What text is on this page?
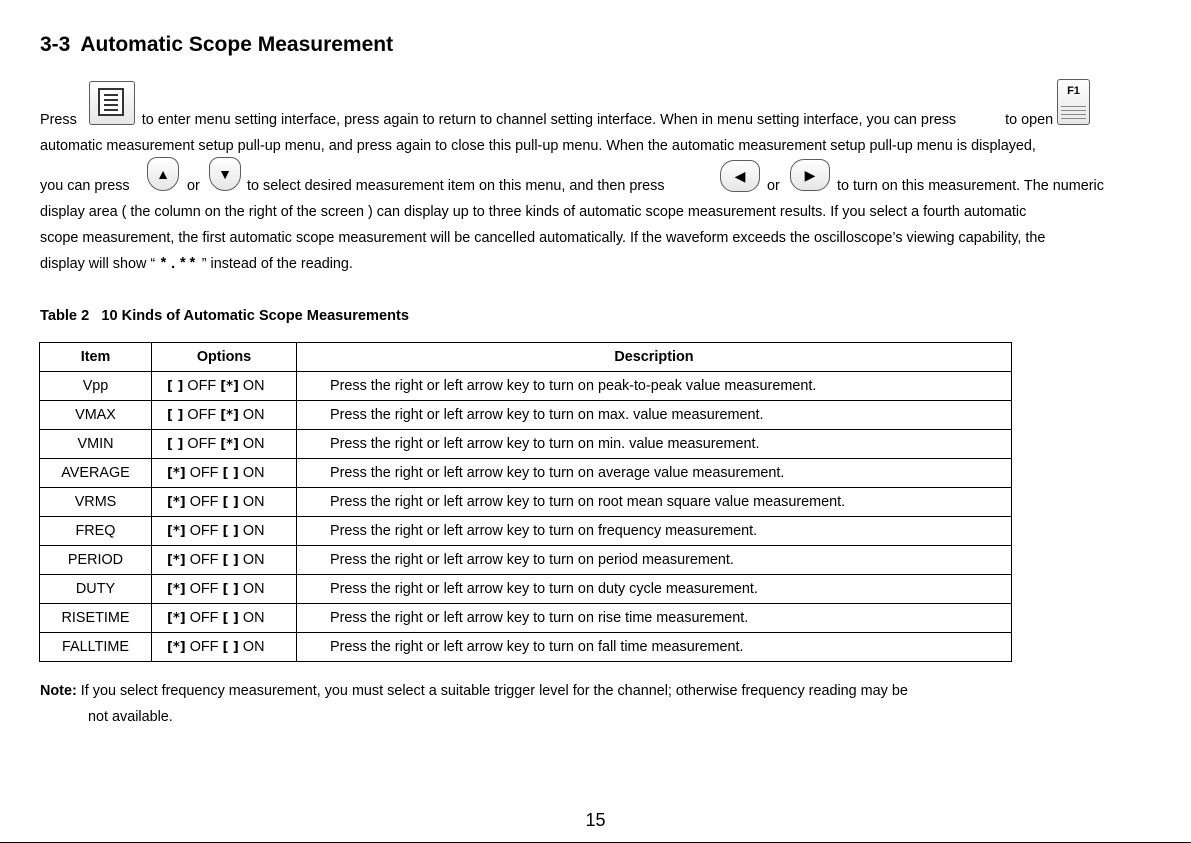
3-3 Automatic Scope Measurement
F1
Press	to enter menu setting interface, press again to return to channel setting interface. When in menu setting interface, you can press	to open
automatic measurement setup pull-up menu, and press again to close this pull-up menu. When the automatic measurement setup pull-up menu is displayed,
you can press
▲
or
▼
to select desired measurement item on this menu, and then press
◀
or
▶
to turn on this measurement. The numeric
display area ( the column on the right of the screen ) can display up to three kinds of automatic scope measurement results. If you select a fourth automatic
scope measurement, the first automatic scope measurement will be cancelled automatically. If the waveform exceeds the oscilloscope’s viewing capability, the
display will show “ *.** ” instead of the reading.
Table 2   10 Kinds of Automatic Scope Measurements
Item	Options	Description
Vpp	[ ] OFF [*] ON	Press the right or left arrow key to turn on peak-to-peak value measurement.
VMAX	[ ] OFF [*] ON	Press the right or left arrow key to turn on max. value measurement.
VMIN	[ ] OFF [*] ON	Press the right or left arrow key to turn on min. value measurement.
AVERAGE	[*] OFF [ ] ON	Press the right or left arrow key to turn on average value measurement.
VRMS	[*] OFF [ ] ON	Press the right or left arrow key to turn on root mean square value measurement.
FREQ	[*] OFF [ ] ON	Press the right or left arrow key to turn on frequency measurement.
PERIOD	[*] OFF [ ] ON	Press the right or left arrow key to turn on period measurement.
DUTY	[*] OFF [ ] ON	Press the right or left arrow key to turn on duty cycle measurement.
RISETIME	[*] OFF [ ] ON	Press the right or left arrow key to turn on rise time measurement.
FALLTIME	[*] OFF [ ] ON	Press the right or left arrow key to turn on fall time measurement.
Note: If you select frequency measurement, you must select a suitable trigger level for the channel; otherwise frequency reading may be
not available.
15
